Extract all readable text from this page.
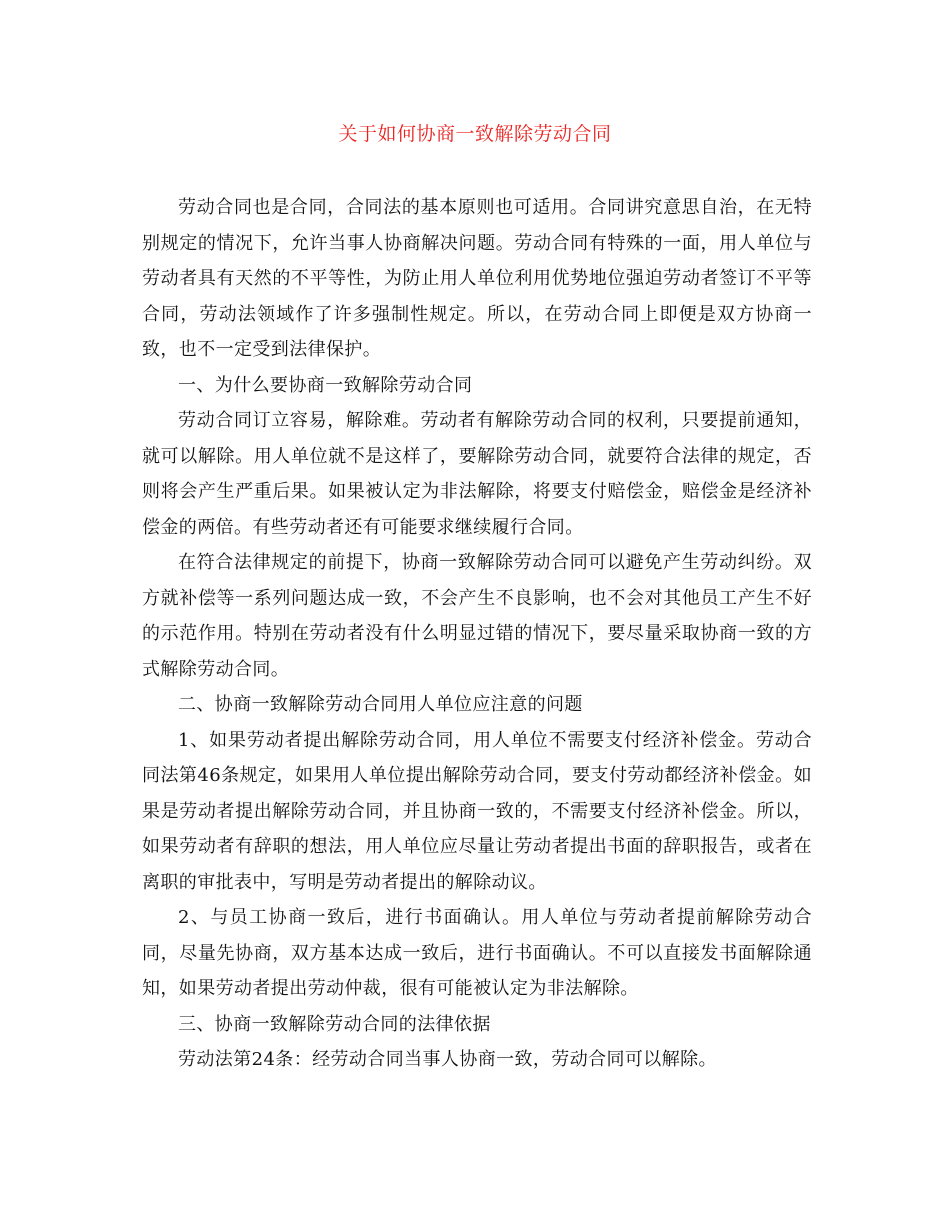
关于如何协商一致解除劳动合同

劳动合同也是合同，合同法的基本原则也可适用。合同讲究意思自治，在无特别规定的情况下，允许当事人协商解决问题。劳动合同有特殊的一面，用人单位与劳动者具有天然的不平等性，为防止用人单位利用优势地位强迫劳动者签订不平等合同，劳动法领域作了许多强制性规定。所以，在劳动合同上即便是双方协商一致，也不一定受到法律保护。

一、为什么要协商一致解除劳动合同

劳动合同订立容易，解除难。劳动者有解除劳动合同的权利，只要提前通知，就可以解除。用人单位就不是这样了，要解除劳动合同，就要符合法律的规定，否则将会产生严重后果。如果被认定为非法解除，将要支付赔偿金，赔偿金是经济补偿金的两倍。有些劳动者还有可能要求继续履行合同。

在符合法律规定的前提下，协商一致解除劳动合同可以避免产生劳动纠纷。双方就补偿等一系列问题达成一致，不会产生不良影响，也不会对其他员工产生不好的示范作用。特别在劳动者没有什么明显过错的情况下，要尽量采取协商一致的方式解除劳动合同。

二、协商一致解除劳动合同用人单位应注意的问题

1、如果劳动者提出解除劳动合同，用人单位不需要支付经济补偿金。劳动合同法第46条规定，如果用人单位提出解除劳动合同，要支付劳动都经济补偿金。如果是劳动者提出解除劳动合同，并且协商一致的，不需要支付经济补偿金。所以，如果劳动者有辞职的想法，用人单位应尽量让劳动者提出书面的辞职报告，或者在离职的审批表中，写明是劳动者提出的解除动议。

2、与员工协商一致后，进行书面确认。用人单位与劳动者提前解除劳动合同，尽量先协商，双方基本达成一致后，进行书面确认。不可以直接发书面解除通知，如果劳动者提出劳动仲裁，很有可能被认定为非法解除。

三、协商一致解除劳动合同的法律依据

劳动法第24条：经劳动合同当事人协商一致，劳动合同可以解除。
